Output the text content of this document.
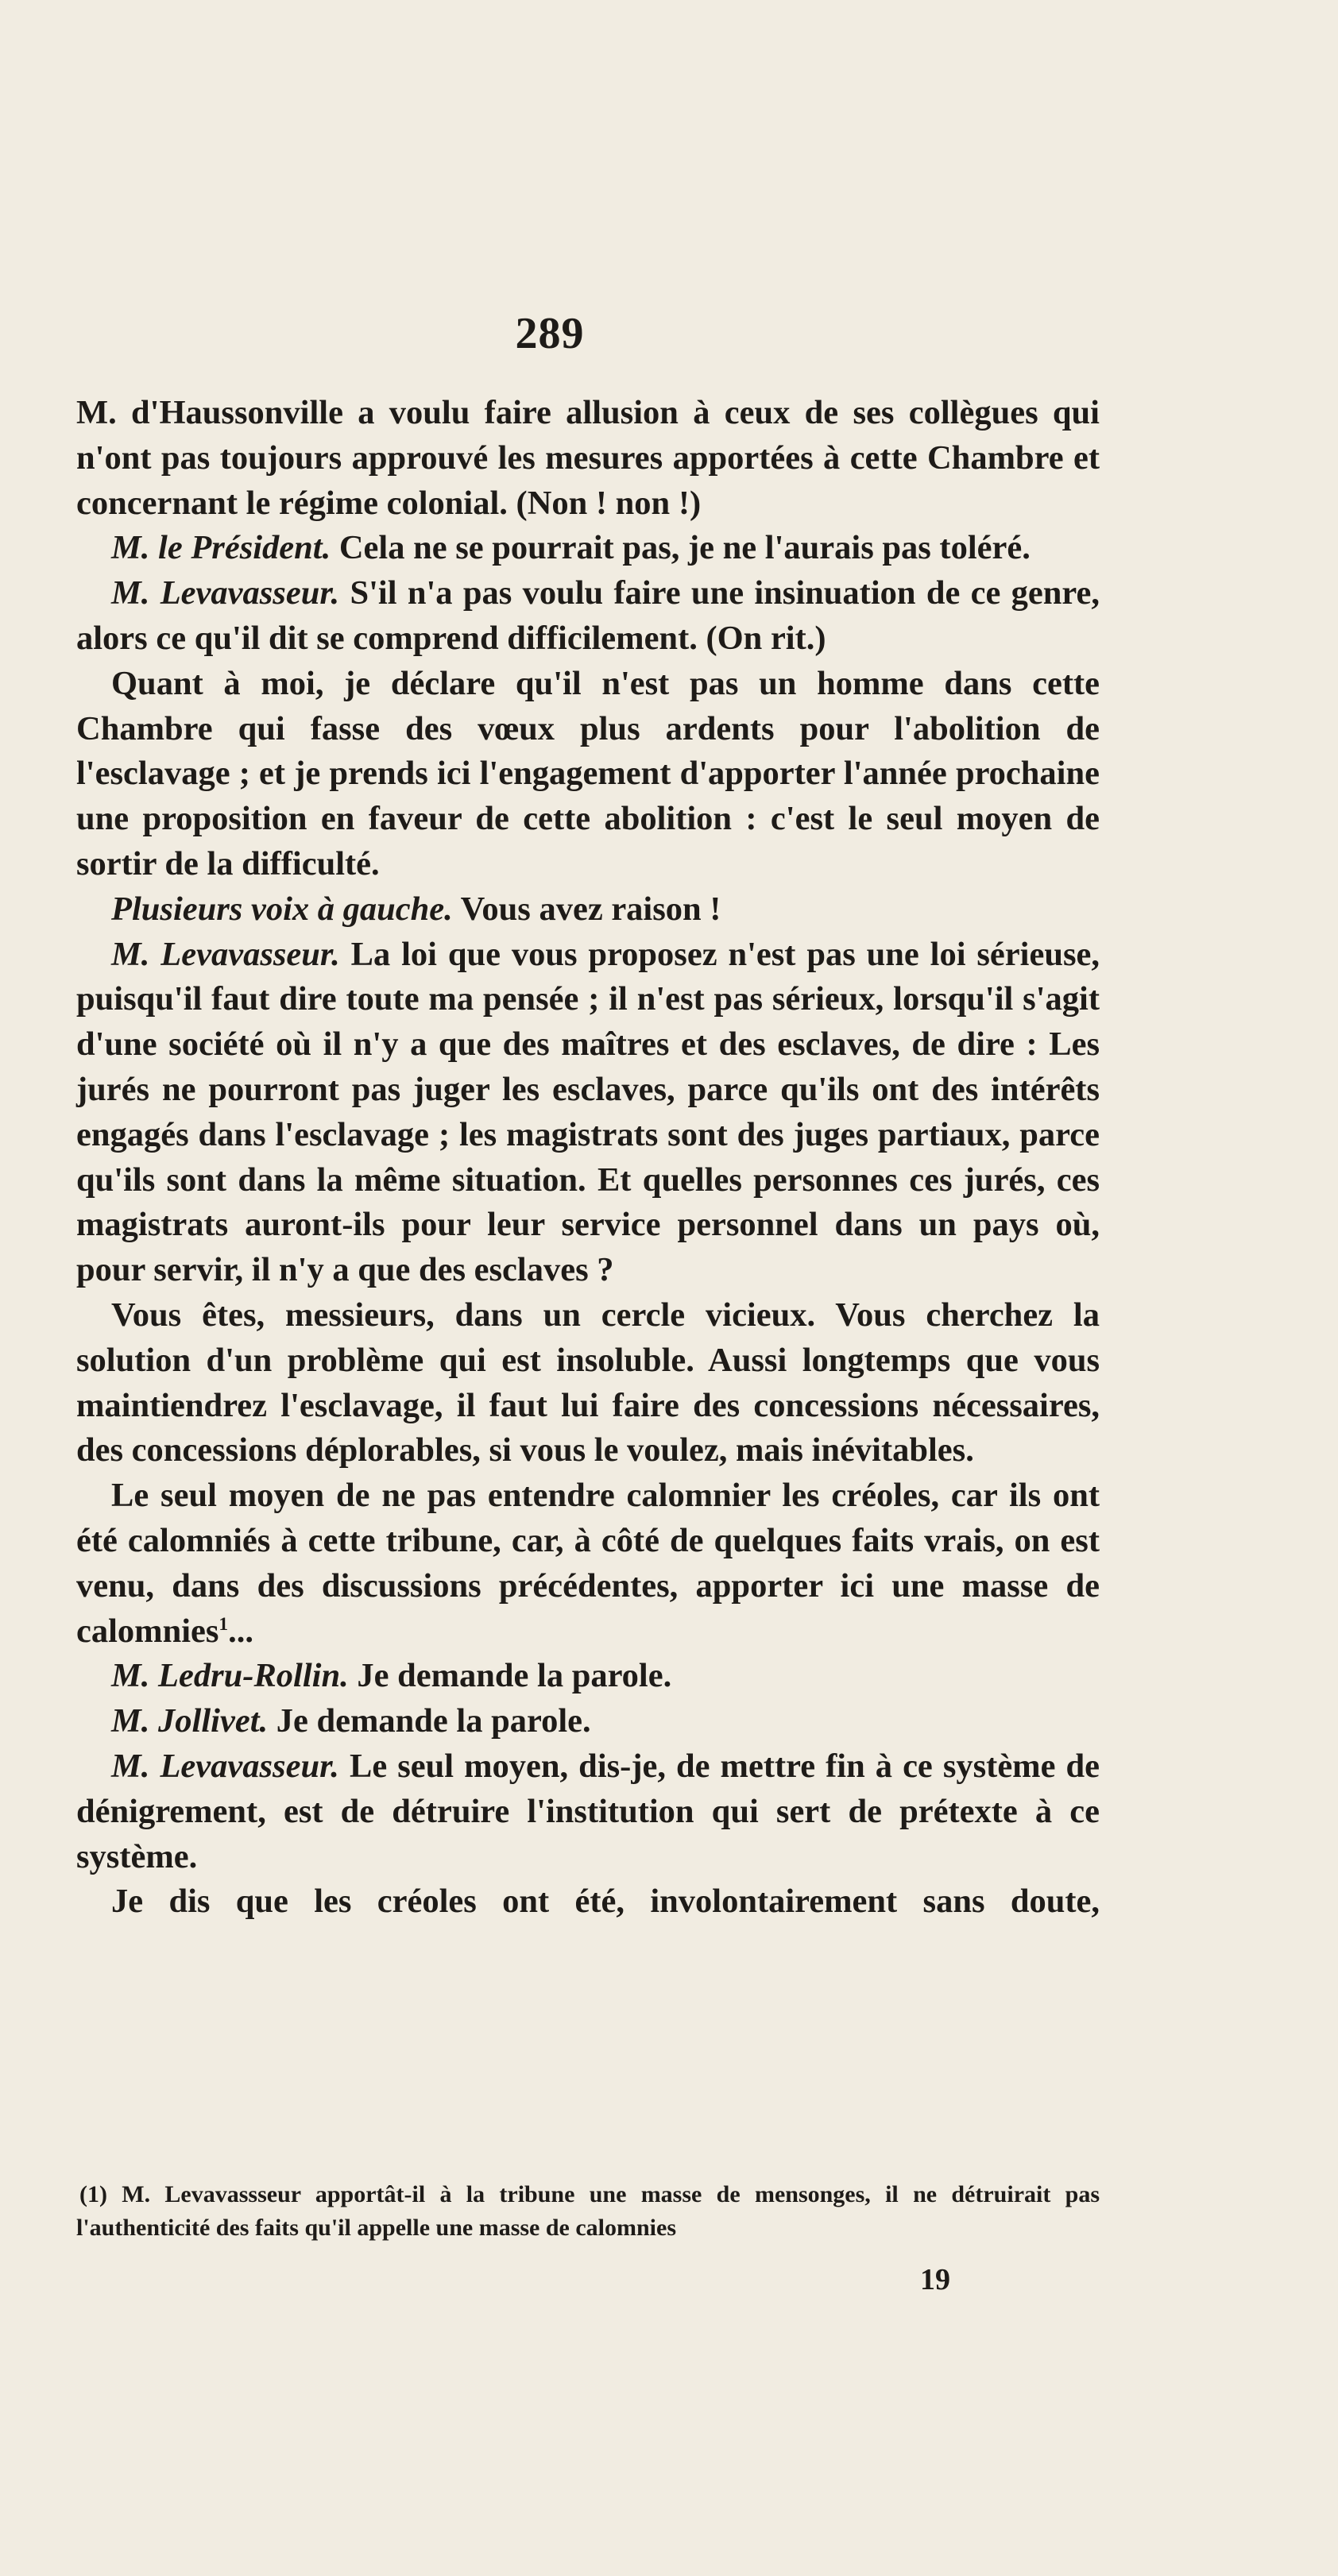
289

M. d'Haussonville a voulu faire allusion à ceux de ses collègues qui n'ont pas toujours approuvé les mesures apportées à cette Chambre et concernant le régime colonial. (Non ! non !)

M. le Président. Cela ne se pourrait pas, je ne l'aurais pas toléré.

M. Levavasseur. S'il n'a pas voulu faire une insinuation de ce genre, alors ce qu'il dit se comprend difficilement. (On rit.)

Quant à moi, je déclare qu'il n'est pas un homme dans cette Chambre qui fasse des vœux plus ardents pour l'abolition de l'esclavage ; et je prends ici l'engagement d'apporter l'année prochaine une proposition en faveur de cette abolition : c'est le seul moyen de sortir de la difficulté.

Plusieurs voix à gauche. Vous avez raison !

M. Levavasseur. La loi que vous proposez n'est pas une loi sérieuse, puisqu'il faut dire toute ma pensée ; il n'est pas sérieux, lorsqu'il s'agit d'une société où il n'y a que des maîtres et des esclaves, de dire : Les jurés ne pourront pas juger les esclaves, parce qu'ils ont des intérêts engagés dans l'esclavage ; les magistrats sont des juges partiaux, parce qu'ils sont dans la même situation. Et quelles personnes ces jurés, ces magistrats auront-ils pour leur service personnel dans un pays où, pour servir, il n'y a que des esclaves ?

Vous êtes, messieurs, dans un cercle vicieux. Vous cherchez la solution d'un problème qui est insoluble. Aussi longtemps que vous maintiendrez l'esclavage, il faut lui faire des concessions nécessaires, des concessions déplorables, si vous le voulez, mais inévitables.

Le seul moyen de ne pas entendre calomnier les créoles, car ils ont été calomniés à cette tribune, car, à côté de quelques faits vrais, on est venu, dans des discussions précédentes, apporter ici une masse de calomnies$^1$...

M. Ledru-Rollin. Je demande la parole.

M. Jollivet. Je demande la parole.

M. Levavasseur. Le seul moyen, dis-je, de mettre fin à ce système de dénigrement, est de détruire l'institution qui sert de prétexte à ce système.

Je dis que les créoles ont été, involontairement sans doute,

(1) M. Levavassseur apportât-il à la tribune une masse de mensonges, il ne détruirait pas l'authenticité des faits qu'il appelle une masse de calomnies

19
